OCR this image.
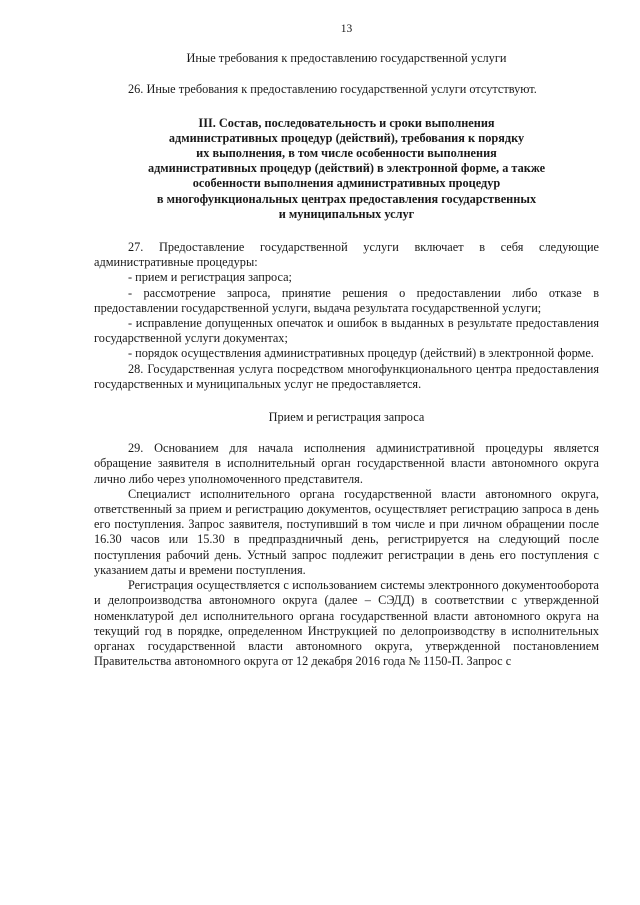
13

Иные требования к предоставлению государственной услуги

26. Иные требования к предоставлению государственной услуги отсутствуют.

III. Состав, последовательность и сроки выполнения

административных процедур (действий), требования к порядку

их выполнения, в том числе особенности выполнения

административных процедур (действий) в электронной форме, а также

особенности выполнения административных процедур

в многофункциональных центрах предоставления государственных

и муниципальных услуг

27. Предоставление государственной услуги включает в себя следующие административные процедуры:

- прием и регистрация запроса;

- рассмотрение запроса, принятие решения о предоставлении либо отказе в предоставлении государственной услуги, выдача результата государственной услуги;

- исправление допущенных опечаток и ошибок в выданных в результате предоставления государственной услуги документах;

- порядок осуществления административных процедур (действий) в электронной форме.

28. Государственная услуга посредством многофункционального центра предоставления государственных и муниципальных услуг не предоставляется.

Прием и регистрация запроса

29. Основанием для начала исполнения административной процедуры является обращение заявителя в исполнительный орган государственной власти автономного округа лично либо через уполномоченного представителя.

Специалист исполнительного органа государственной власти автономного округа, ответственный за прием и регистрацию документов, осуществляет регистрацию запроса в день его поступления. Запрос заявителя, поступивший в том числе и при личном обращении после 16.30 часов или 15.30 в предпраздничный день, регистрируется на следующий после поступления рабочий день. Устный запрос подлежит регистрации в день его поступления с указанием даты и времени поступления.

Регистрация осуществляется с использованием системы электронного документооборота и делопроизводства автономного округа (далее – СЭДД) в соответствии с утвержденной номенклатурой дел исполнительного органа государственной власти автономного округа на текущий год в порядке, определенном Инструкцией по делопроизводству в исполнительных органах государственной власти автономного округа, утвержденной постановлением Правительства автономного округа от 12 декабря 2016 года № 1150-П. Запрос с
